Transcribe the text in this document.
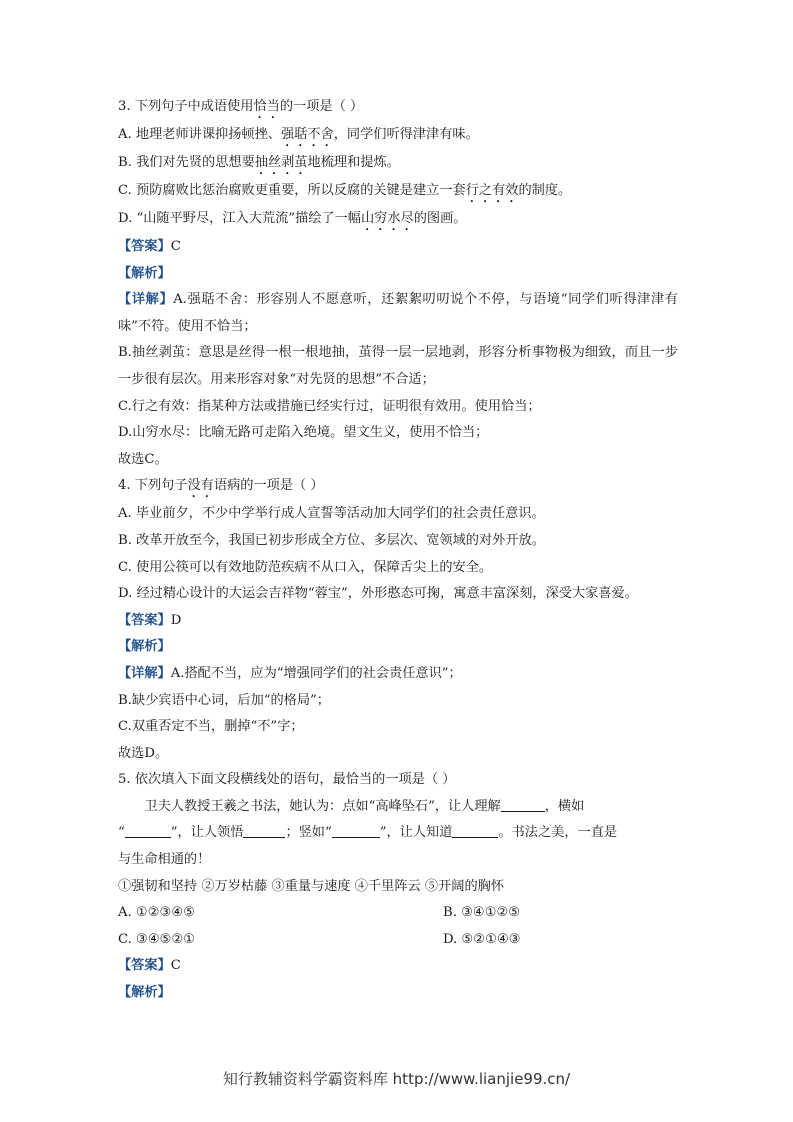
3. 下列句子中成语使用恰当的一项是（ ）
A. 地理老师讲课抑扬顿挫、强聒不舍，同学们听得津津有味。
B. 我们对先贤的思想要抽丝剥茧地梳理和提炼。
C. 预防腐败比惩治腐败更重要，所以反腐的关键是建立一套行之有效的制度。
D. “山随平野尽，江入大荒流”描绘了一幅山穷水尽的图画。
【答案】C
【解析】
【详解】A.强聒不舍：形容别人不愿意听，还絮絮叨叨说个不停，与语境“同学们听得津津有味”不符。使用不恰当；
B.抽丝剥茧：意思是丝得一根一根地抽，茧得一层一层地剥，形容分析事物极为细致，而且一步一步很有层次。用来形容对象“对先贤的思想”不合适；
C.行之有效：指某种方法或措施已经实行过，证明很有效用。使用恰当；
D.山穷水尽：比喻无路可走陷入绝境。望文生义，使用不恰当；
故选C。
4. 下列句子没有语病的一项是（ ）
A. 毕业前夕，不少中学举行成人宣誓等活动加大同学们的社会责任意识。
B. 改革开放至今，我国已初步形成全方位、多层次、宽领域的对外开放。
C. 使用公筷可以有效地防范疾病不从口入，保障舌尖上的安全。
D. 经过精心设计的大运会吉祥物“蓉宝”，外形憨态可掬，寓意丰富深刻，深受大家喜爱。
【答案】D
【解析】
【详解】A.搭配不当，应为“增强同学们的社会责任意识”；
B.缺少宾语中心词，后加“的格局”；
C.双重否定不当，删掉“不”字；
故选D。
5. 依次填入下面文段横线处的语句，最恰当的一项是（ ）
卫夫人教授王羲之书法，她认为：点如“高峰坠石”，让人理解	，横如
“	”，让人领悟	；竖如“	”，让人知道	。书法之美，一直是
与生命相通的！
①强韧和坚持 ②万岁枯藤 ③重量与速度 ④千里阵云 ⑤开阔的胸怀
A. ①②③④⑤	B. ③④①②⑤
C. ③④⑤②①	D. ⑤②①④③
【答案】C
【解析】
知行教辅资料学霸资料库 http://www.lianjie99.cn/
